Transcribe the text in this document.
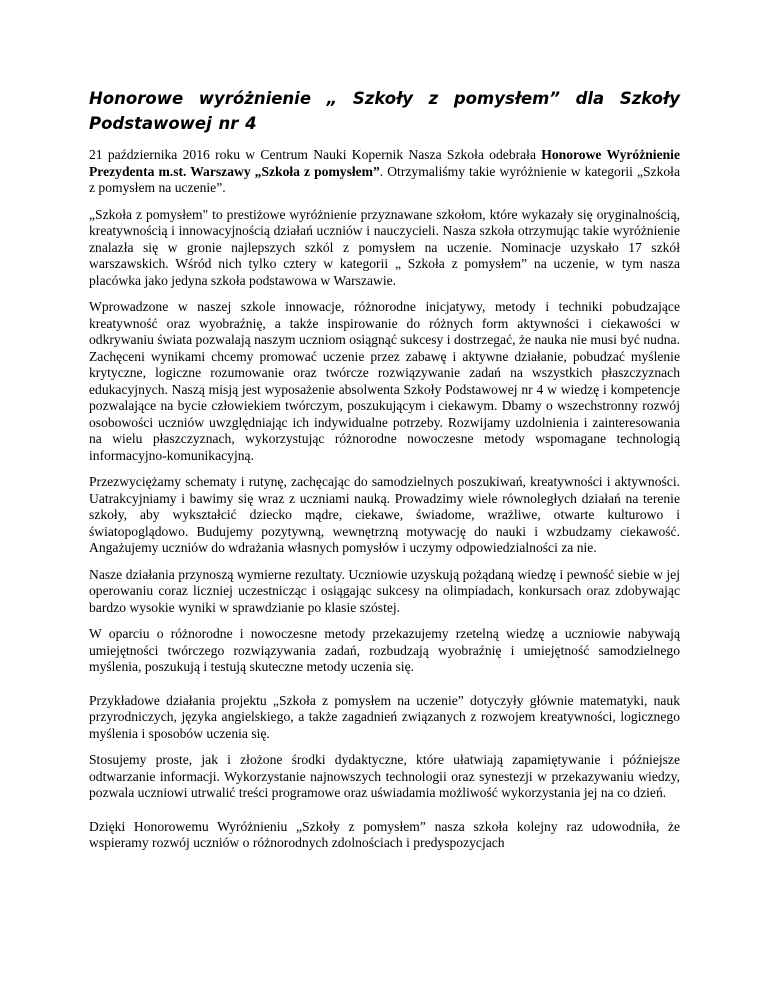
Honorowe wyróżnienie „ Szkoły z pomysłem” dla Szkoły
Podstawowej nr 4

21 października 2016 roku w Centrum Nauki Kopernik Nasza Szkoła odebrała Honorowe Wyróżnienie Prezydenta m.st. Warszawy „Szkoła z pomysłem”. Otrzymaliśmy takie wyróżnienie w kategorii „Szkoła z pomysłem na uczenie”.

„Szkoła z pomysłem" to prestiżowe wyróżnienie przyznawane szkołom, które wykazały się oryginalnością, kreatywnością i innowacyjnością działań uczniów i nauczycieli. Nasza szkoła otrzymując takie wyróżnienie znalazła się w gronie najlepszych szkól z pomysłem na uczenie. Nominacje uzyskało 17 szkół warszawskich. Wśród nich tylko cztery w kategorii „ Szkoła z pomysłem” na uczenie, w tym nasza placówka jako jedyna szkoła podstawowa w Warszawie.

Wprowadzone w naszej szkole innowacje, różnorodne inicjatywy, metody i techniki pobudzające kreatywność oraz wyobraźnię, a także inspirowanie do różnych form aktywności i ciekawości w odkrywaniu świata pozwalają naszym uczniom osiągnąć sukcesy i dostrzegać, że nauka nie musi być nudna. Zachęceni wynikami chcemy promować uczenie przez zabawę i aktywne działanie, pobudzać myślenie krytyczne, logiczne rozumowanie oraz twórcze rozwiązywanie zadań na wszystkich płaszczyznach edukacyjnych. Naszą misją jest wyposażenie absolwenta Szkoły Podstawowej nr 4 w wiedzę i kompetencje pozwalające na bycie człowiekiem twórczym, poszukującym i ciekawym. Dbamy o wszechstronny rozwój osobowości uczniów uwzględniając ich indywidualne potrzeby. Rozwijamy uzdolnienia i zainteresowania na wielu płaszczyznach, wykorzystując różnorodne nowoczesne metody wspomagane technologią informacyjno-komunikacyjną.

Przezwyciężamy schematy i rutynę, zachęcając do samodzielnych poszukiwań, kreatywności i aktywności. Uatrakcyjniamy i bawimy się wraz z uczniami nauką. Prowadzimy wiele równoległych działań na terenie szkoły, aby wykształcić dziecko mądre, ciekawe, świadome, wrażliwe, otwarte kulturowo i światopoglądowo. Budujemy pozytywną, wewnętrzną motywację do nauki i wzbudzamy ciekawość. Angażujemy uczniów do wdrażania własnych pomysłów i uczymy odpowiedzialności za nie.

Nasze działania przynoszą wymierne rezultaty. Uczniowie uzyskują pożądaną wiedzę i pewność siebie w jej operowaniu coraz liczniej uczestnicząc i osiągając sukcesy na olimpiadach, konkursach oraz zdobywając bardzo wysokie wyniki w sprawdzianie po klasie szóstej.

W oparciu o różnorodne i nowoczesne metody przekazujemy rzetelną wiedzę a uczniowie nabywają umiejętności twórczego rozwiązywania zadań, rozbudzają wyobraźnię i umiejętność samodzielnego myślenia, poszukują i testują skuteczne metody uczenia się.

Przykładowe działania projektu „Szkoła z pomysłem na uczenie” dotyczyły głównie matematyki, nauk przyrodniczych, języka angielskiego, a także zagadnień związanych z rozwojem kreatywności, logicznego myślenia i sposobów uczenia się.

Stosujemy proste, jak i złożone środki dydaktyczne, które ułatwiają zapamiętywanie i późniejsze odtwarzanie informacji. Wykorzystanie najnowszych technologii oraz synestezji w przekazywaniu wiedzy, pozwala uczniowi utrwalić treści programowe oraz uświadamia możliwość wykorzystania jej na co dzień.

Dzięki Honorowemu Wyróżnieniu „Szkoły z pomysłem” nasza szkoła kolejny raz udowodniła, że wspieramy rozwój uczniów o różnorodnych zdolnościach i predyspozycjach
